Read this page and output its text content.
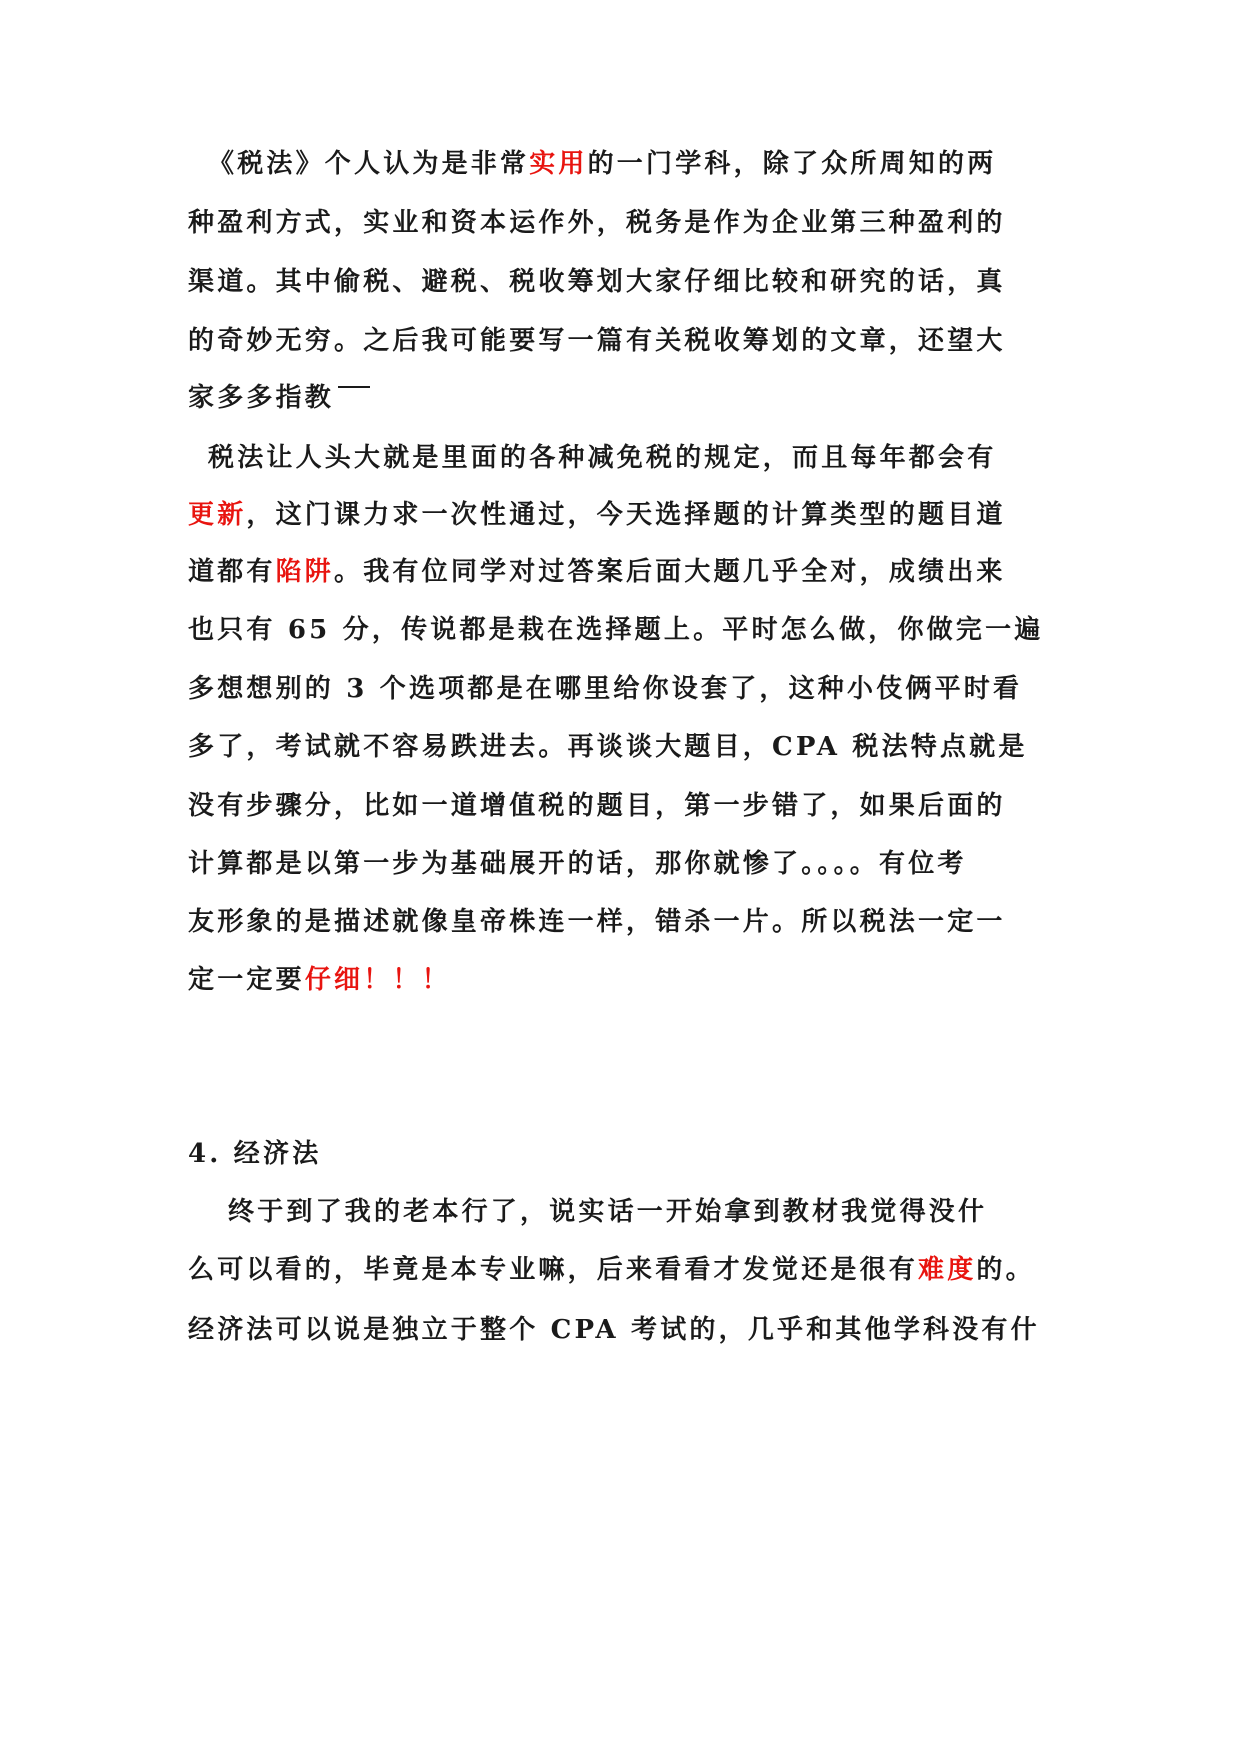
《税法》个人认为是非常实用的一门学科，除了众所周知的两
种盈利方式，实业和资本运作外，税务是作为企业第三种盈利的
渠道。其中偷税、避税、税收筹划大家仔细比较和研究的话，真
的奇妙无穷。之后我可能要写一篇有关税收筹划的文章，还望大
家多多指教
税法让人头大就是里面的各种减免税的规定，而且每年都会有
更新，这门课力求一次性通过，今天选择题的计算类型的题目道
道都有陷阱。我有位同学对过答案后面大题几乎全对，成绩出来
也只有 65 分，传说都是栽在选择题上。平时怎么做，你做完一遍
多想想别的 3 个选项都是在哪里给你设套了，这种小伎俩平时看
多了，考试就不容易跌进去。再谈谈大题目，CPA 税法特点就是
没有步骤分，比如一道增值税的题目，第一步错了，如果后面的
计算都是以第一步为基础展开的话，那你就惨了。。。。有位考
友形象的是描述就像皇帝株连一样，错杀一片。所以税法一定一
定一定要仔细！！！
4. 经济法
终于到了我的老本行了，说实话一开始拿到教材我觉得没什
么可以看的，毕竟是本专业嘛，后来看看才发觉还是很有难度的。
经济法可以说是独立于整个 CPA 考试的，几乎和其他学科没有什
